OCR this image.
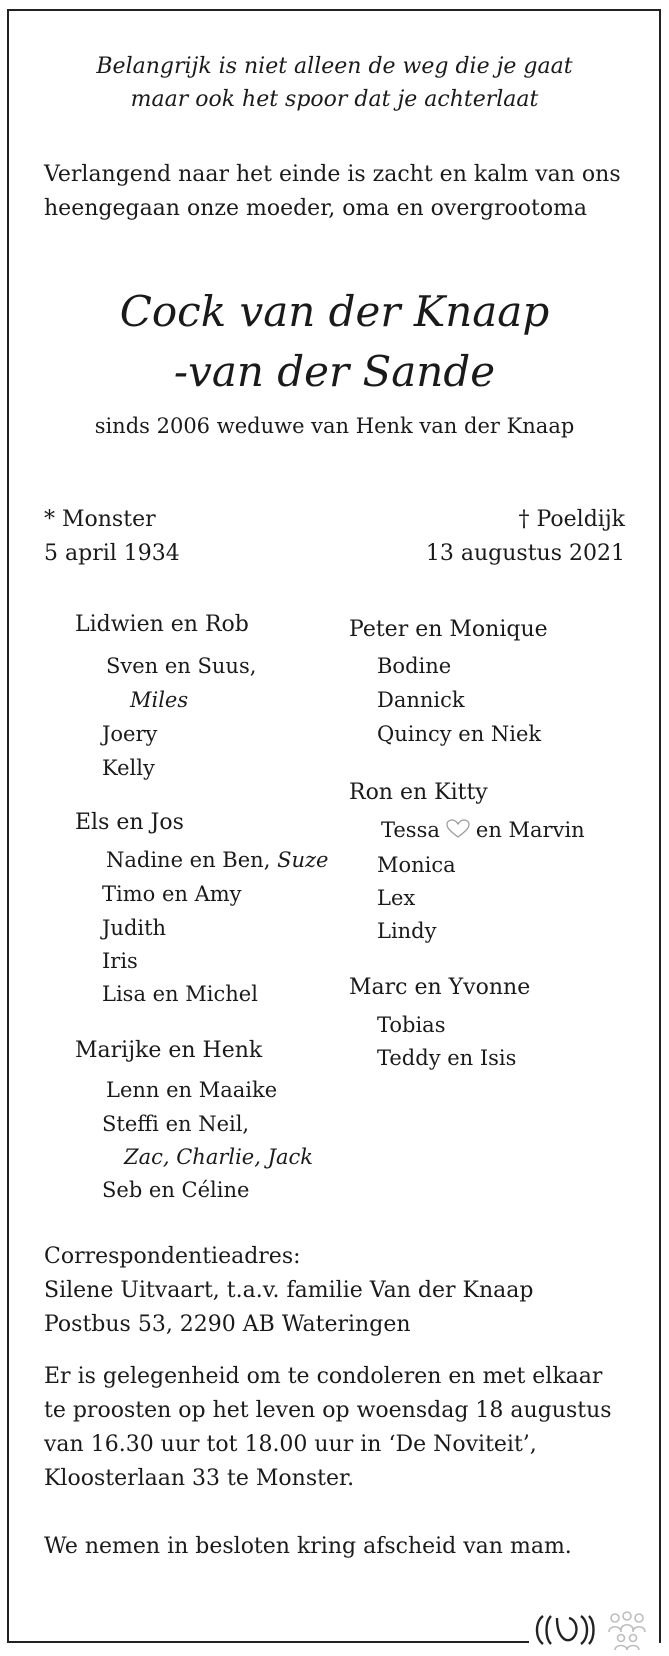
Belangrijk is niet alleen de weg die je gaat
maar ook het spoor dat je achterlaat
Verlangend naar het einde is zacht en kalm van ons
heengegaan onze moeder, oma en overgrootoma
Cock van der Knaap
-van der Sande
sinds 2006 weduwe van Henk van der Knaap
* Monster
5 april 1934
† Poeldijk
13 augustus 2021
Lidwien en Rob
Sven en Suus,
Miles
Joery
Kelly
Els en Jos
Nadine en Ben, Suze
Timo en Amy
Judith
Iris
Lisa en Michel
Marijke en Henk
Lenn en Maaike
Steffi en Neil,
Zac, Charlie, Jack
Seb en Céline
Peter en Monique
Bodine
Dannick
Quincy en Niek
Ron en Kitty
Tessa en Marvin
Monica
Lex
Lindy
Marc en Yvonne
Tobias
Teddy en Isis
Correspondentieadres:
Silene Uitvaart, t.a.v. familie Van der Knaap
Postbus 53, 2290 AB Wateringen
Er is gelegenheid om te condoleren en met elkaar
te proosten op het leven op woensdag 18 augustus
van 16.30 uur tot 18.00 uur in ‘De Noviteit’,
Kloosterlaan 33 te Monster.
We nemen in besloten kring afscheid van mam.
